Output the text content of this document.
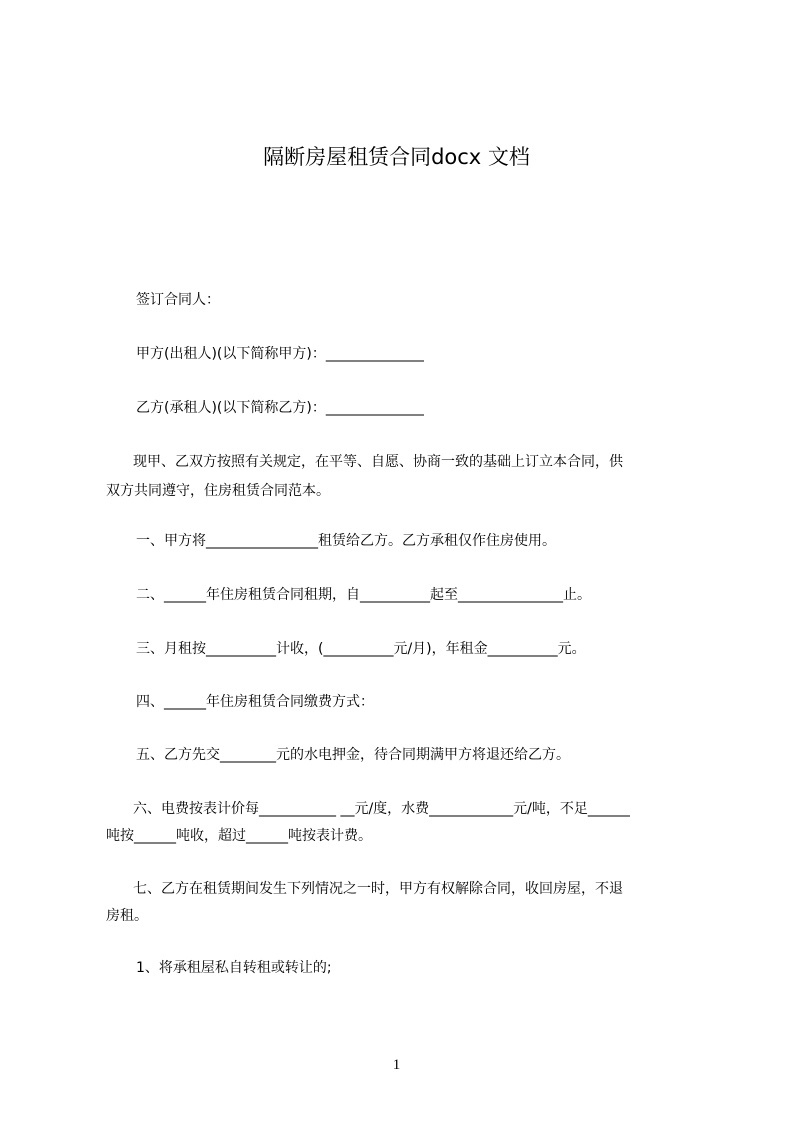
隔断房屋租赁合同docx 文档
签订合同人：
甲方(出租人)(以下简称甲方)：______________
乙方(承租人)(以下简称乙方)：______________
现甲、乙双方按照有关规定，在平等、自愿、协商一致的基础上订立本合同，供
双方共同遵守，住房租赁合同范本。
一、甲方将________________租赁给乙方。乙方承租仅作住房使用。
二、______年住房租赁合同租期，自__________起至_______________止。
三、月租按__________计收，(__________元/月)，年租金__________元。
四、______年住房租赁合同缴费方式：
五、乙方先交________元的水电押金，待合同期满甲方将退还给乙方。
六、电费按表计价每___________ __元/度，水费____________元/吨，不足______
吨按______吨收，超过______吨按表计费。
七、乙方在租赁期间发生下列情况之一时，甲方有权解除合同，收回房屋，不退
房租。
1、将承租屋私自转租或转让的;
1
